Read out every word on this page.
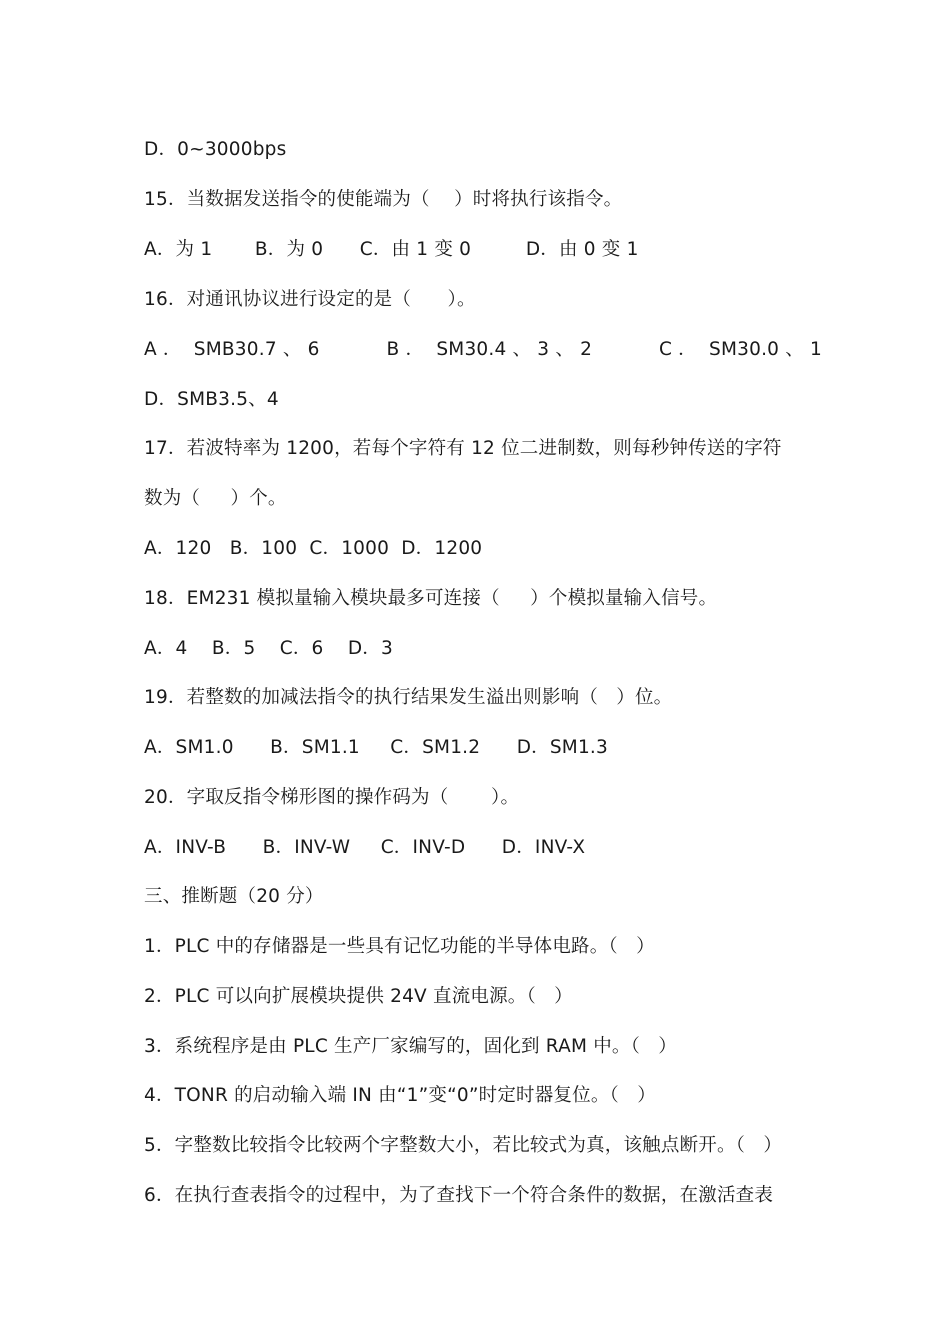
D．0~3000bps
15．当数据发送指令的使能端为（    ）时将执行该指令。
A．为 1       B．为 0      C．由 1 变 0         D．由 0 变 1
16．对通讯协议进行设定的是（      ）。
A ．  SMB30.7 、 6           B ．  SM30.4 、 3 、 2           C ．  SM30.0 、 1
D．SMB3.5、4
17．若波特率为 1200，若每个字符有 12 位二进制数，则每秒钟传送的字符
数为（     ）个。
A．120   B．100  C．1000  D．1200
18．EM231 模拟量输入模块最多可连接（     ）个模拟量输入信号。
A．4    B．5    C．6    D．3
19．若整数的加减法指令的执行结果发生溢出则影响（   ）位。
A．SM1.0      B．SM1.1     C．SM1.2      D．SM1.3
20．字取反指令梯形图的操作码为（       ）。
A．INV-B      B．INV-W     C．INV-D      D．INV-X
三、推断题（20 分）
1．PLC 中的存储器是一些具有记忆功能的半导体电路。（   ）
2．PLC 可以向扩展模块提供 24V 直流电源。（   ）
3．系统程序是由 PLC 生产厂家编写的，固化到 RAM 中。（   ）
4．TONR 的启动输入端 IN 由“1”变“0”时定时器复位。（   ）
5．字整数比较指令比较两个字整数大小，若比较式为真，该触点断开。（   ）
6．在执行查表指令的过程中，为了查找下一个符合条件的数据，在激活查表
